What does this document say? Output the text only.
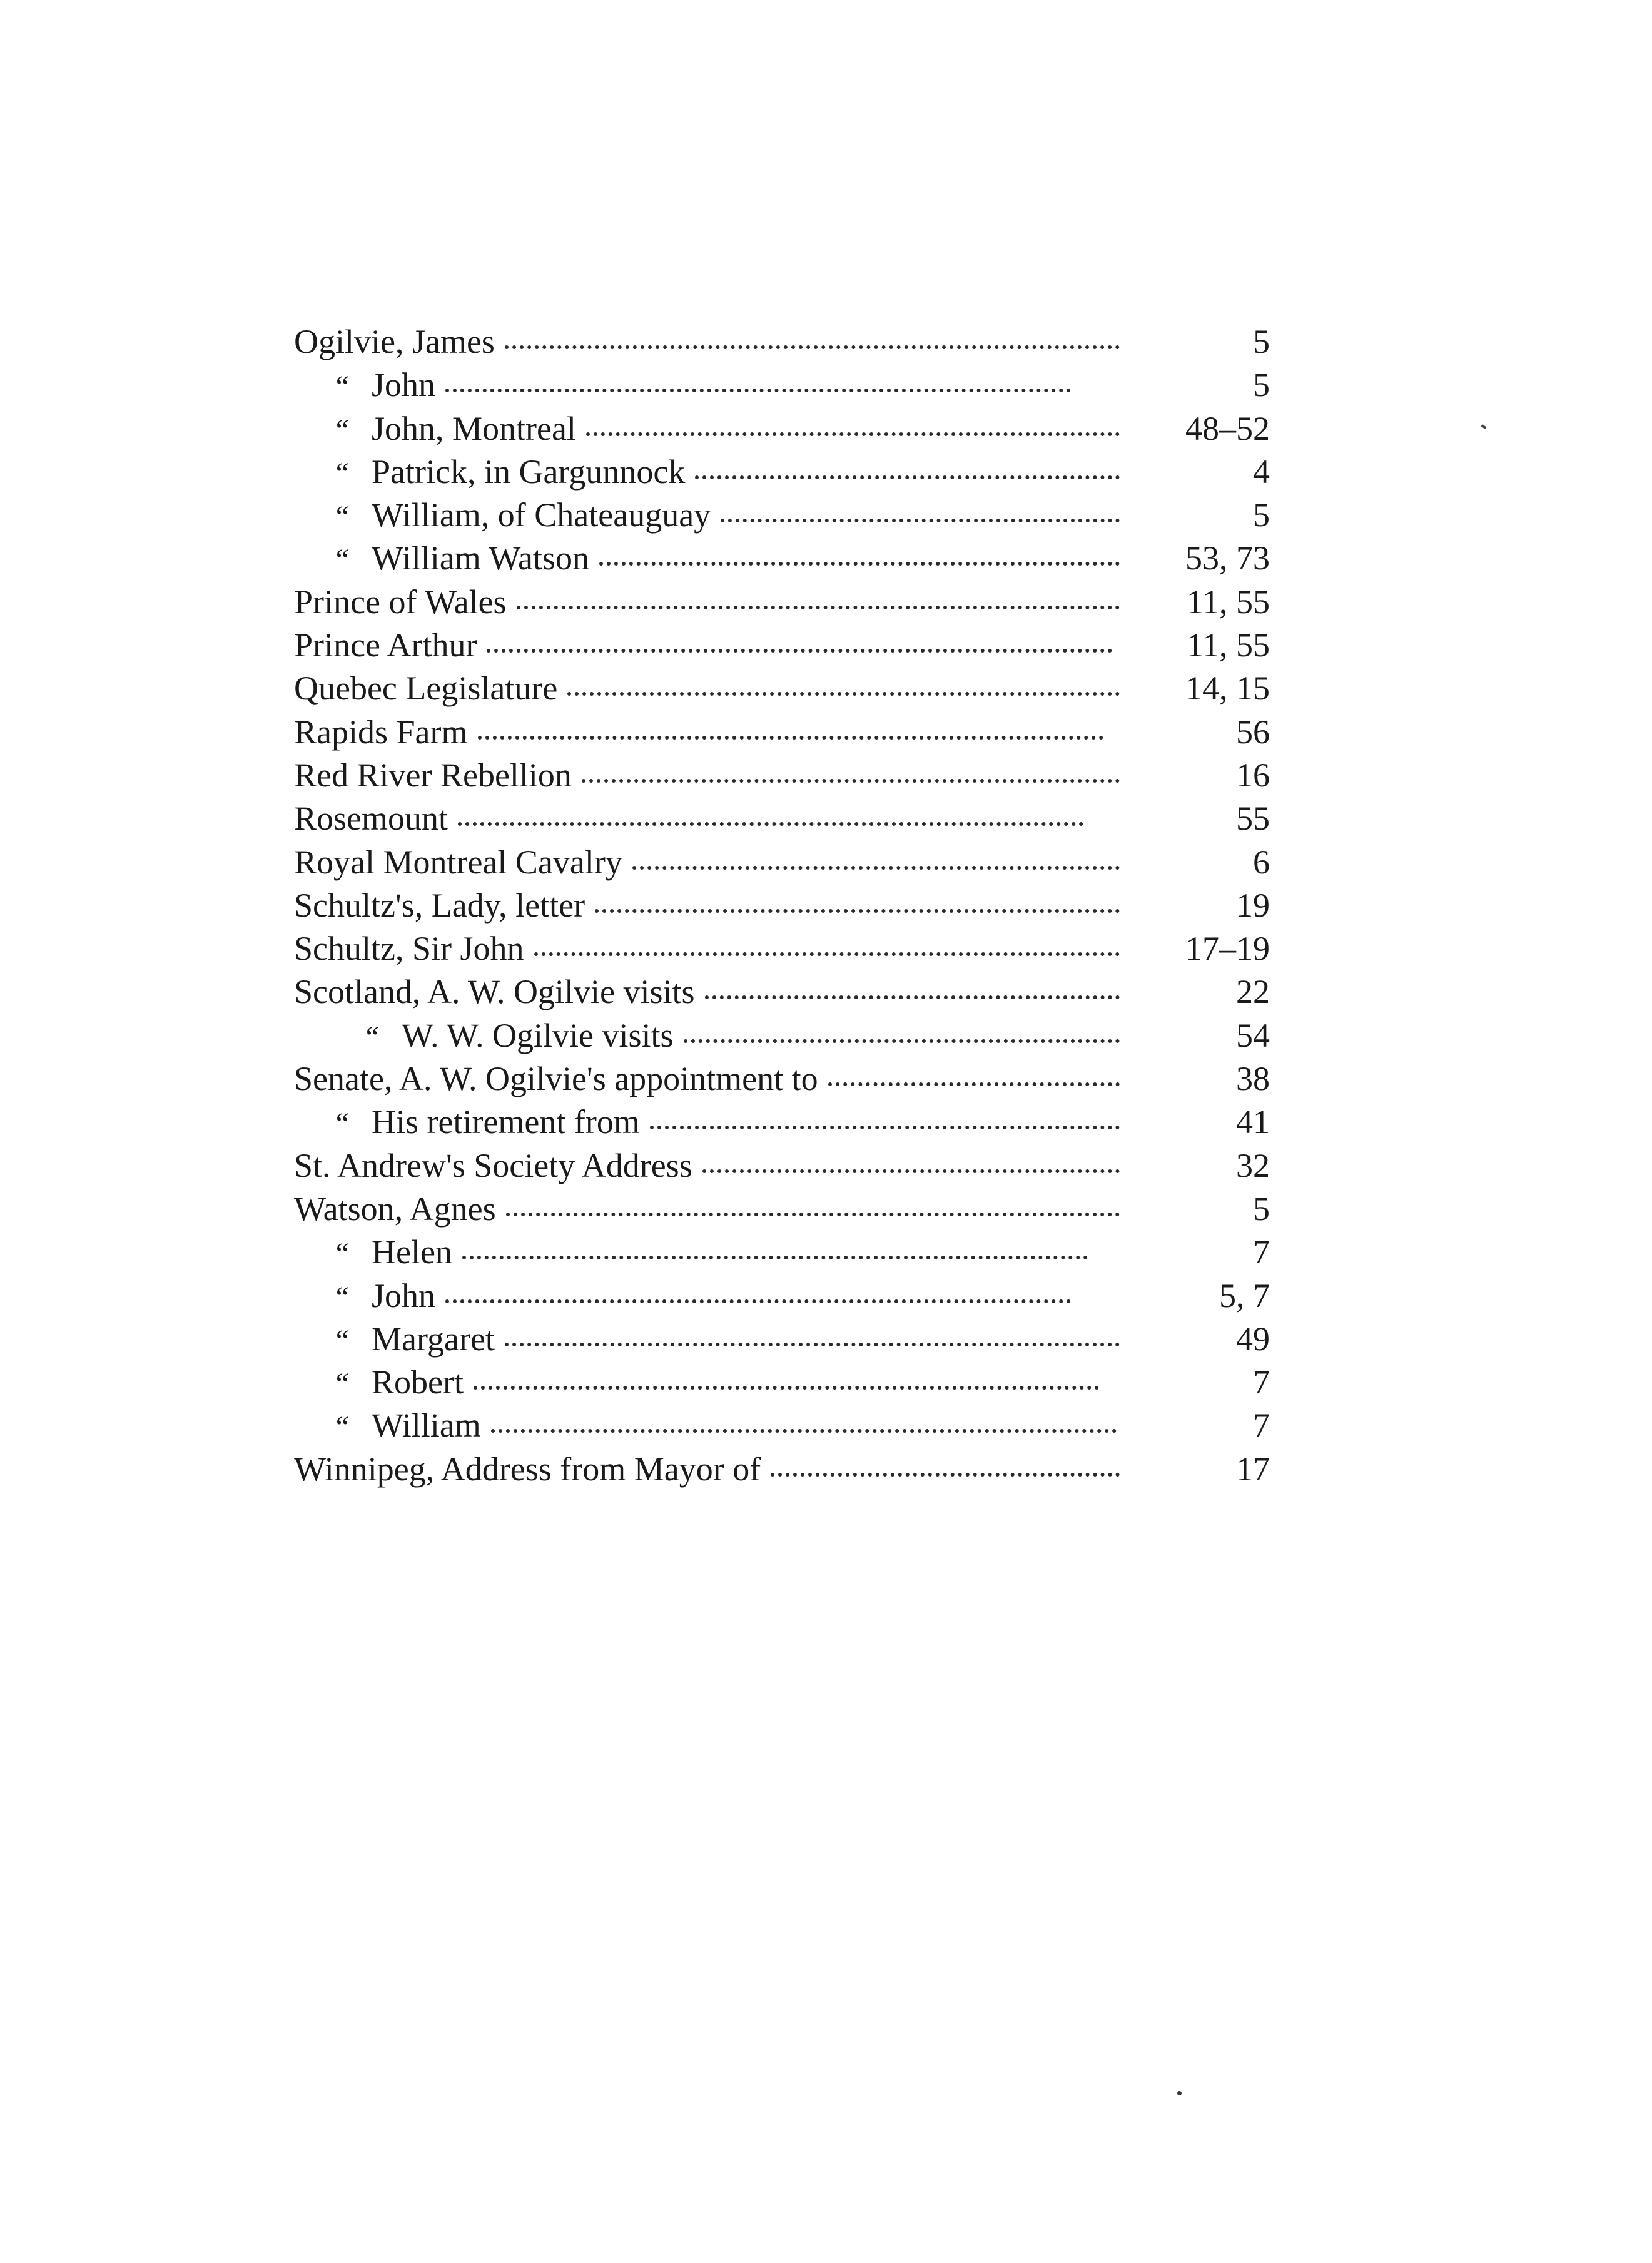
Ogilvie, James	5
“ John	5
“ John, Montreal	48–52
“ Patrick, in Gargunnock	4
“ William, of Chateauguay	5
“ William Watson	53, 73
Prince of Wales	11, 55
Prince Arthur	11, 55
Quebec Legislature	14, 15
Rapids Farm	56
Red River Rebellion	16
Rosemount	55
Royal Montreal Cavalry	6
Schultz's, Lady, letter	19
Schultz, Sir John	17–19
Scotland, A. W. Ogilvie visits	22
“ W. W. Ogilvie visits	54
Senate, A. W. Ogilvie's appointment to	38
“ His retirement from	41
St. Andrew's Society Address	32
Watson, Agnes	5
“ Helen	7
“ John	5, 7
“ Margaret	49
“ Robert	7
“ William	7
Winnipeg, Address from Mayor of	17
